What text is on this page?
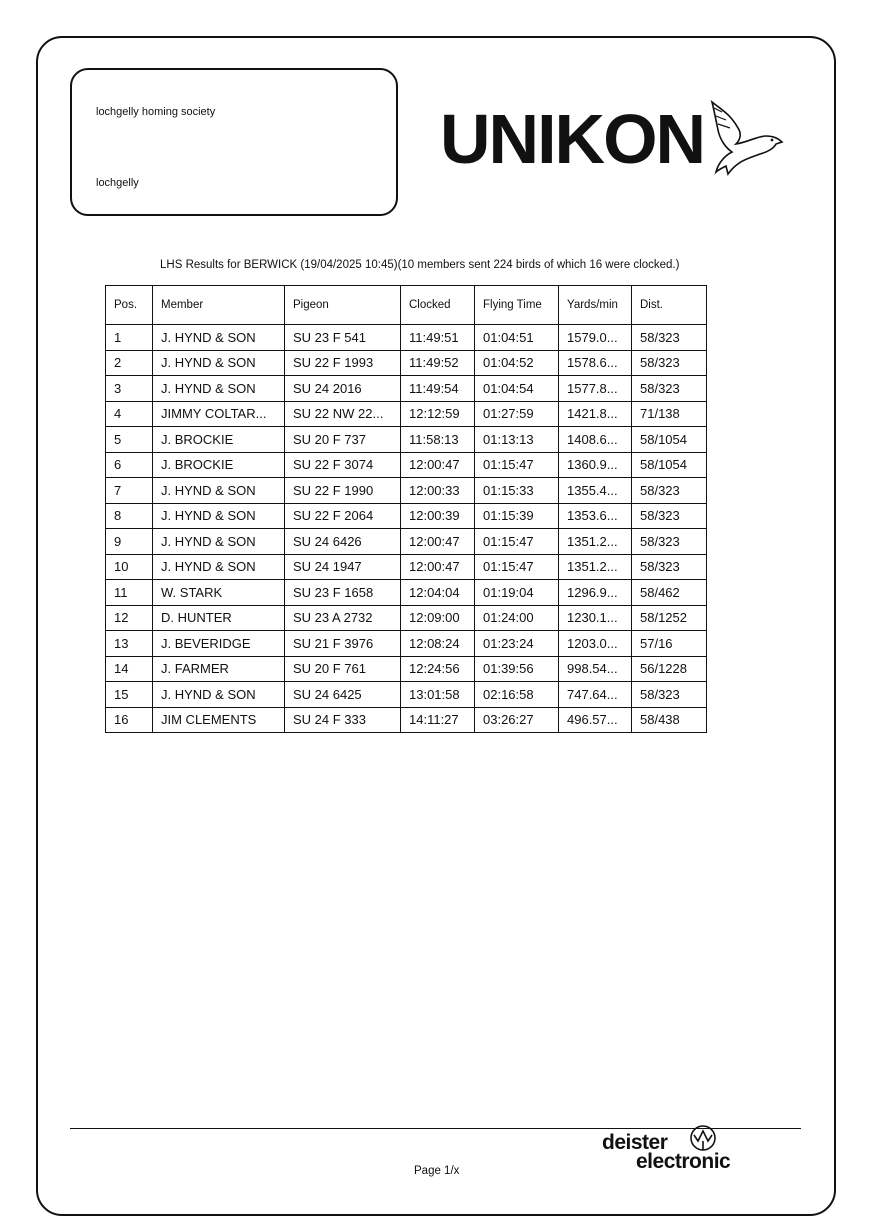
lochgelly homing society
lochgelly
UNIKON
LHS Results for BERWICK (19/04/2025 10:45)(10 members sent 224 birds of which 16 were clocked.)
Pos.	Member	Pigeon	Clocked	Flying Time	Yards/min	Dist.
1	J. HYND & SON	SU 23 F 541	11:49:51	01:04:51	1579.0...	58/323
2	J. HYND & SON	SU 22 F 1993	11:49:52	01:04:52	1578.6...	58/323
3	J. HYND & SON	SU 24 2016	11:49:54	01:04:54	1577.8...	58/323
4	JIMMY COLTAR...	SU 22 NW 22...	12:12:59	01:27:59	1421.8...	71/138
5	J. BROCKIE	SU 20 F 737	11:58:13	01:13:13	1408.6...	58/1054
6	J. BROCKIE	SU 22 F 3074	12:00:47	01:15:47	1360.9...	58/1054
7	J. HYND & SON	SU 22 F 1990	12:00:33	01:15:33	1355.4...	58/323
8	J. HYND & SON	SU 22 F 2064	12:00:39	01:15:39	1353.6...	58/323
9	J. HYND & SON	SU 24 6426	12:00:47	01:15:47	1351.2...	58/323
10	J. HYND & SON	SU 24 1947	12:00:47	01:15:47	1351.2...	58/323
11	W. STARK	SU 23 F 1658	12:04:04	01:19:04	1296.9...	58/462
12	D. HUNTER	SU 23 A 2732	12:09:00	01:24:00	1230.1...	58/1252
13	J. BEVERIDGE	SU 21 F 3976	12:08:24	01:23:24	1203.0...	57/16
14	J. FARMER	SU 20 F 761	12:24:56	01:39:56	998.54...	56/1228
15	J. HYND & SON	SU 24 6425	13:01:58	02:16:58	747.64...	58/323
16	JIM CLEMENTS	SU 24 F 333	14:11:27	03:26:27	496.57...	58/438
deister
electronic
Page 1/x
